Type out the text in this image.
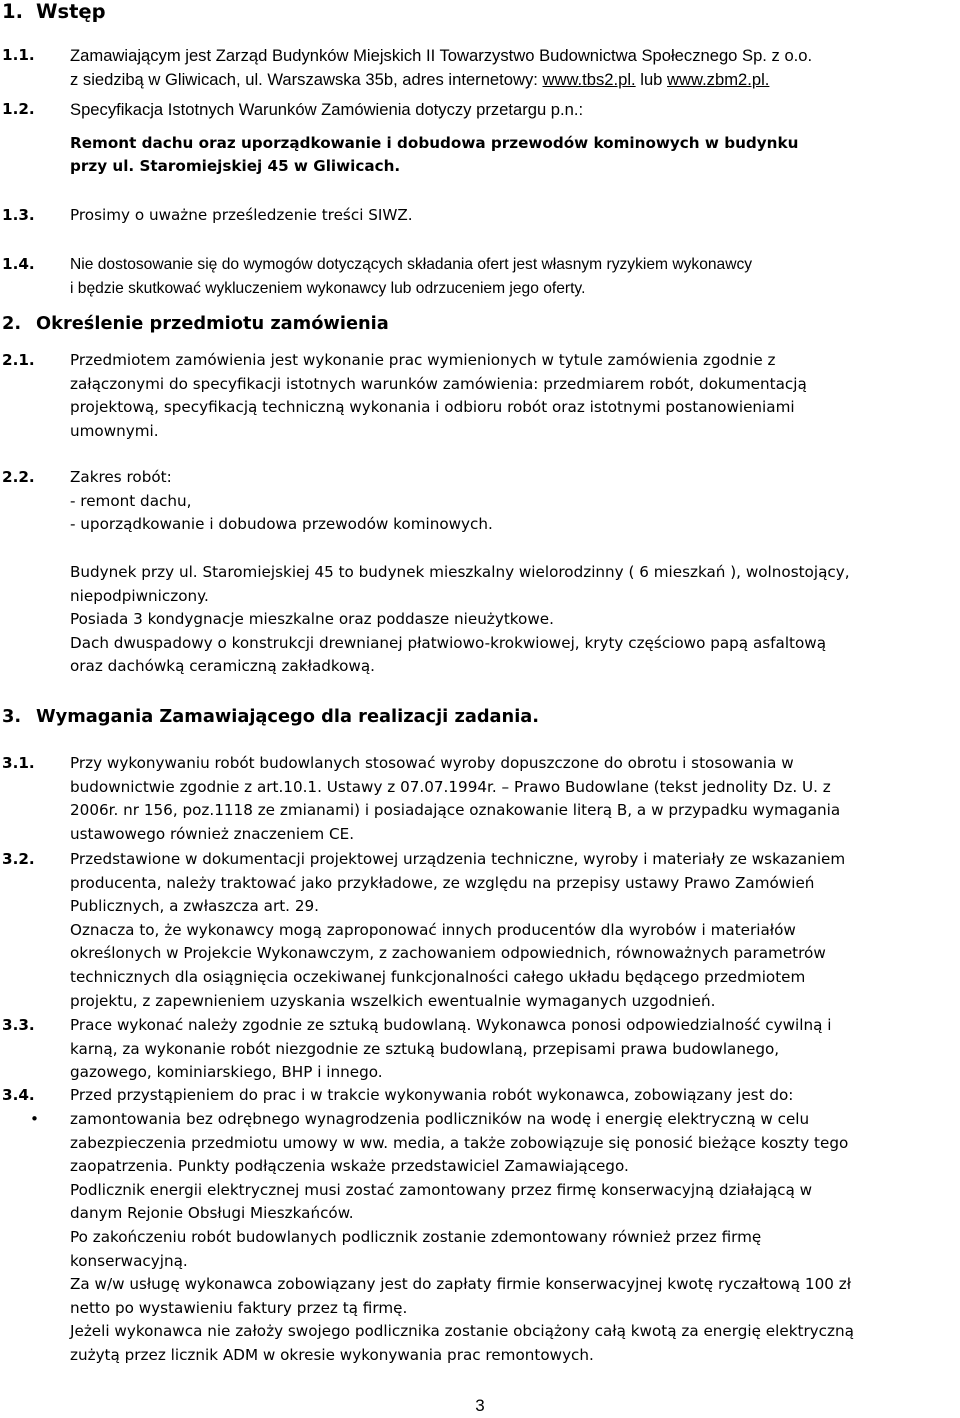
1. Wstęp
1.1. Zamawiającym jest Zarząd Budynków Miejskich II Towarzystwo Budownictwa Społecznego Sp. z o.o.
z siedzibą w Gliwicach, ul. Warszawska 35b, adres internetowy: www.tbs2.pl. lub www.zbm2.pl.
1.2. Specyfikacja Istotnych Warunków Zamówienia dotyczy przetargu p.n.:
Remont dachu oraz uporządkowanie i dobudowa przewodów kominowych w budynku
przy ul. Staromiejskiej 45 w Gliwicach.
1.3. Prosimy o uważne prześledzenie treści SIWZ.
1.4. Nie dostosowanie się do wymogów dotyczących składania ofert jest własnym ryzykiem wykonawcy
i będzie skutkować wykluczeniem wykonawcy lub odrzuceniem jego oferty.
2. Określenie przedmiotu zamówienia
2.1. Przedmiotem zamówienia jest wykonanie prac wymienionych w tytule zamówienia zgodnie z
załączonymi do specyfikacji istotnych warunków zamówienia: przedmiarem robót, dokumentacją
projektową, specyfikacją techniczną wykonania i odbioru robót oraz istotnymi postanowieniami
umownymi.
2.2. Zakres robót:
- remont dachu,
- uporządkowanie i dobudowa przewodów kominowych.
Budynek przy ul. Staromiejskiej 45 to budynek mieszkalny wielorodzinny ( 6 mieszkań ), wolnostojący,
niepodpiwniczony.
Posiada 3 kondygnacje mieszkalne oraz poddasze nieużytkowe.
Dach dwuspadowy o konstrukcji drewnianej płatwiowo-krokwiowej, kryty częściowo papą asfaltową
oraz dachówką ceramiczną zakładkową.
3. Wymagania Zamawiającego dla realizacji zadania.
3.1. Przy wykonywaniu robót budowlanych stosować wyroby dopuszczone do obrotu i stosowania w
budownictwie zgodnie z art.10.1. Ustawy z 07.07.1994r. – Prawo Budowlane (tekst jednolity Dz. U. z
2006r. nr 156, poz.1118 ze zmianami) i posiadające oznakowanie literą B, a w przypadku wymagania
ustawowego również znaczeniem CE.
3.2. Przedstawione w dokumentacji projektowej urządzenia techniczne, wyroby i materiały ze wskazaniem
producenta, należy traktować jako przykładowe, ze względu na przepisy ustawy Prawo Zamówień
Publicznych, a zwłaszcza art. 29.
Oznacza to, że wykonawcy mogą zaproponować innych producentów dla wyrobów i materiałów
określonych w Projekcie Wykonawczym, z zachowaniem odpowiednich, równoważnych parametrów
technicznych dla osiągnięcia oczekiwanej funkcjonalności całego układu będącego przedmiotem
projektu, z zapewnieniem uzyskania wszelkich ewentualnie wymaganych uzgodnień.
3.3. Prace wykonać należy zgodnie ze sztuką budowlaną. Wykonawca ponosi odpowiedzialność cywilną i
karną, za wykonanie robót niezgodnie ze sztuką budowlaną, przepisami prawa budowlanego,
gazowego, kominiarskiego, BHP i innego.
3.4. Przed przystąpieniem do prac i w trakcie wykonywania robót wykonawca, zobowiązany jest do:
• zamontowania bez odrębnego wynagrodzenia podliczników na wodę i energię elektryczną w celu
zabezpieczenia przedmiotu umowy w ww. media, a także zobowiązuje się ponosić bieżące koszty tego
zaopatrzenia. Punkty podłączenia wskaże przedstawiciel Zamawiającego.
Podlicznik energii elektrycznej musi zostać zamontowany przez firmę konserwacyjną działającą w
danym Rejonie Obsługi Mieszkańców.
Po zakończeniu robót budowlanych podlicznik zostanie zdemontowany również przez firmę
konserwacyjną.
Za w/w usługę wykonawca zobowiązany jest do zapłaty firmie konserwacyjnej kwotę ryczałtową 100 zł
netto po wystawieniu faktury przez tą firmę.
Jeżeli wykonawca nie założy swojego podlicznika zostanie obciążony całą kwotą za energię elektryczną
zużytą przez licznik ADM w okresie wykonywania prac remontowych.
3
